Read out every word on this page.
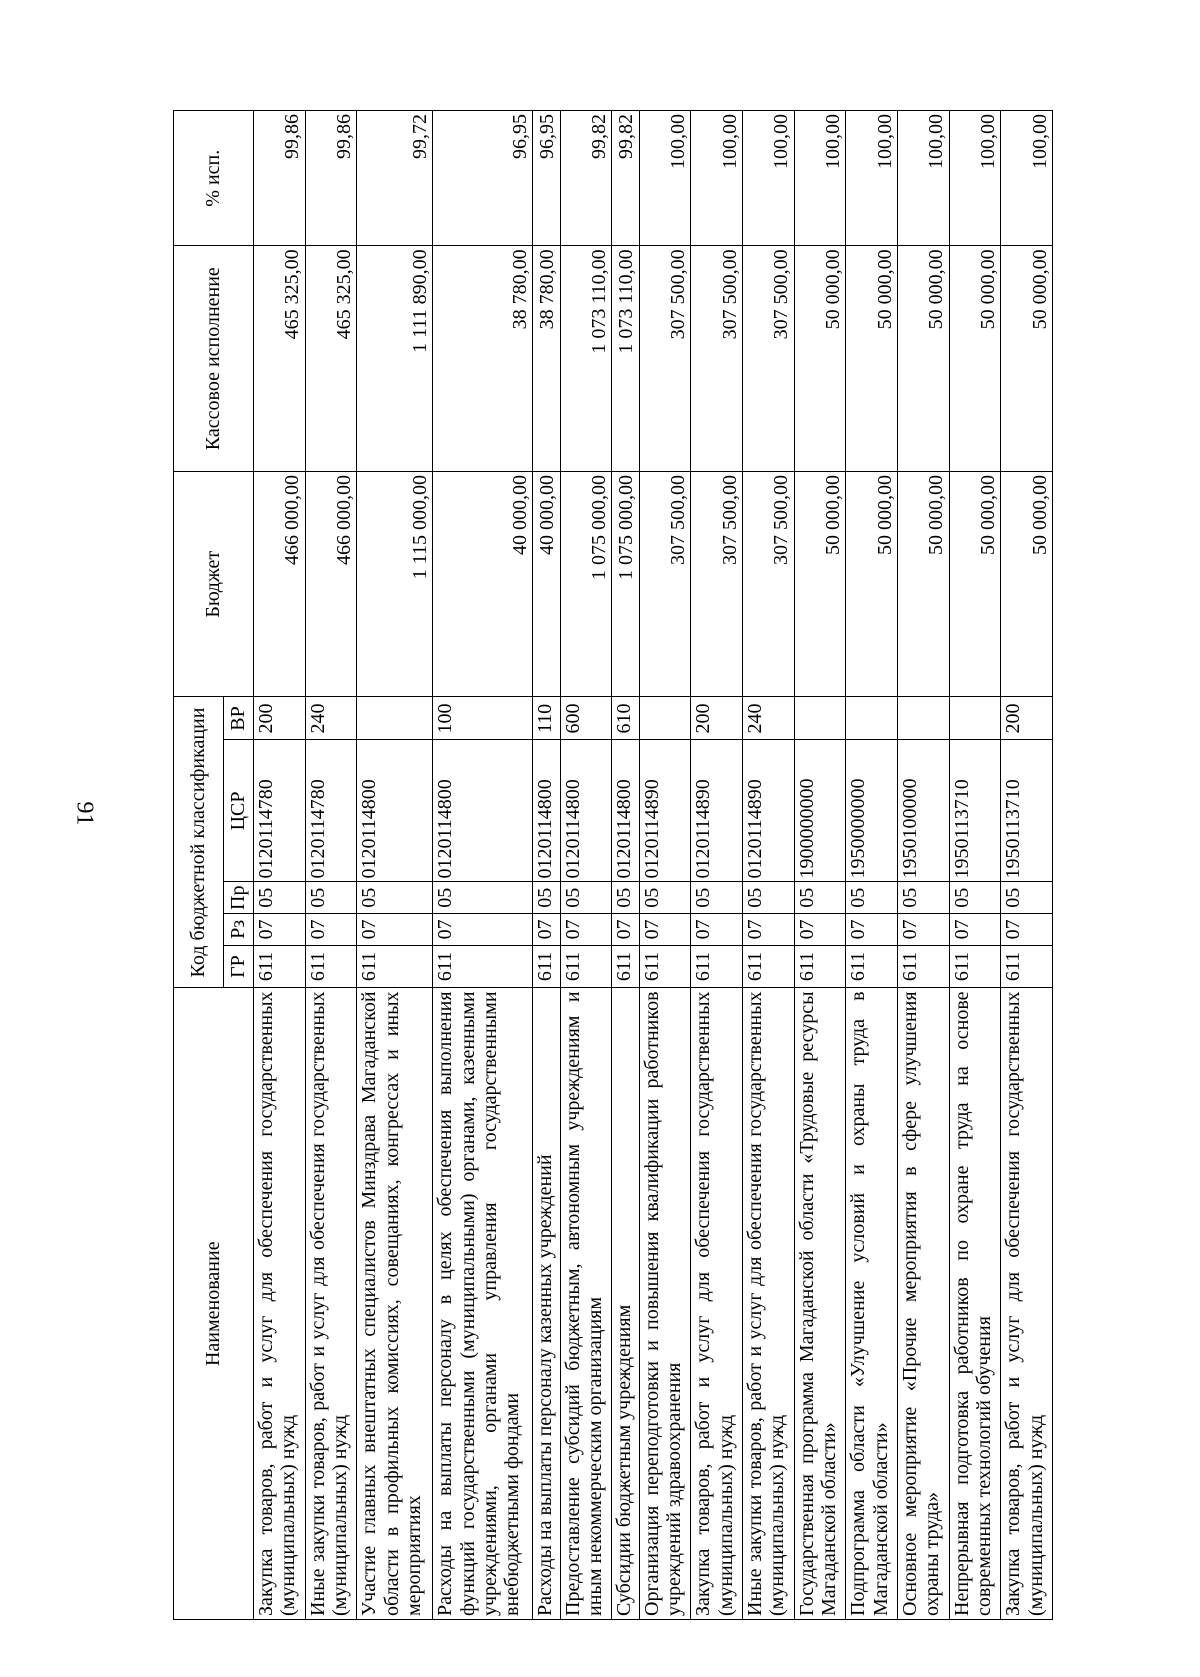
91
Наименование	Код бюджетной классификации					Бюджет	Кассовое исполнение	% исп.
	ГР	Рз	Пр	ЦСР	ВР			
Закупка товаров, работ и услуг для обеспечения государственных (муниципальных) нужд	611	07	05	0120114780	200	466 000,00	465 325,00	99,86
Иные закупки товаров, работ и услуг для обеспечения государственных (муниципальных) нужд	611	07	05	0120114780	240	466 000,00	465 325,00	99,86
Участие главных внештатных специалистов Минздрава Магаданской области в профильных комиссиях, совещаниях, конгрессах и иных мероприятиях	611	07	05	0120114800		1 115 000,00	1 111 890,00	99,72
Расходы на выплаты персоналу в целях обеспечения выполнения функций государственными (муниципальными) органами, казенными учреждениями, органами управления государственными внебюджетными фондами	611	07	05	0120114800	100	40 000,00	38 780,00	96,95
Расходы на выплаты персоналу казенных учреждений	611	07	05	0120114800	110	40 000,00	38 780,00	96,95
Предоставление субсидий бюджетным, автономным учреждениям и иным некоммерческим организациям	611	07	05	0120114800	600	1 075 000,00	1 073 110,00	99,82
Субсидии бюджетным учреждениям	611	07	05	0120114800	610	1 075 000,00	1 073 110,00	99,82
Организация переподготовки и повышения квалификации работников учреждений здравоохранения	611	07	05	0120114890		307 500,00	307 500,00	100,00
Закупка товаров, работ и услуг для обеспечения государственных (муниципальных) нужд	611	07	05	0120114890	200	307 500,00	307 500,00	100,00
Иные закупки товаров, работ и услуг для обеспечения государственных (муниципальных) нужд	611	07	05	0120114890	240	307 500,00	307 500,00	100,00
Государственная программа Магаданской области «Трудовые ресурсы Магаданской области»	611	07	05	1900000000		50 000,00	50 000,00	100,00
Подпрограмма области «Улучшение условий и охраны труда в Магаданской области»	611	07	05	1950000000		50 000,00	50 000,00	100,00
Основное мероприятие «Прочие мероприятия в сфере улучшения охраны труда»	611	07	05	1950100000		50 000,00	50 000,00	100,00
Непрерывная подготовка работников по охране труда на основе современных технологий обучения	611	07	05	1950113710		50 000,00	50 000,00	100,00
Закупка товаров, работ и услуг для обеспечения государственных (муниципальных) нужд	611	07	05	1950113710	200	50 000,00	50 000,00	100,00
